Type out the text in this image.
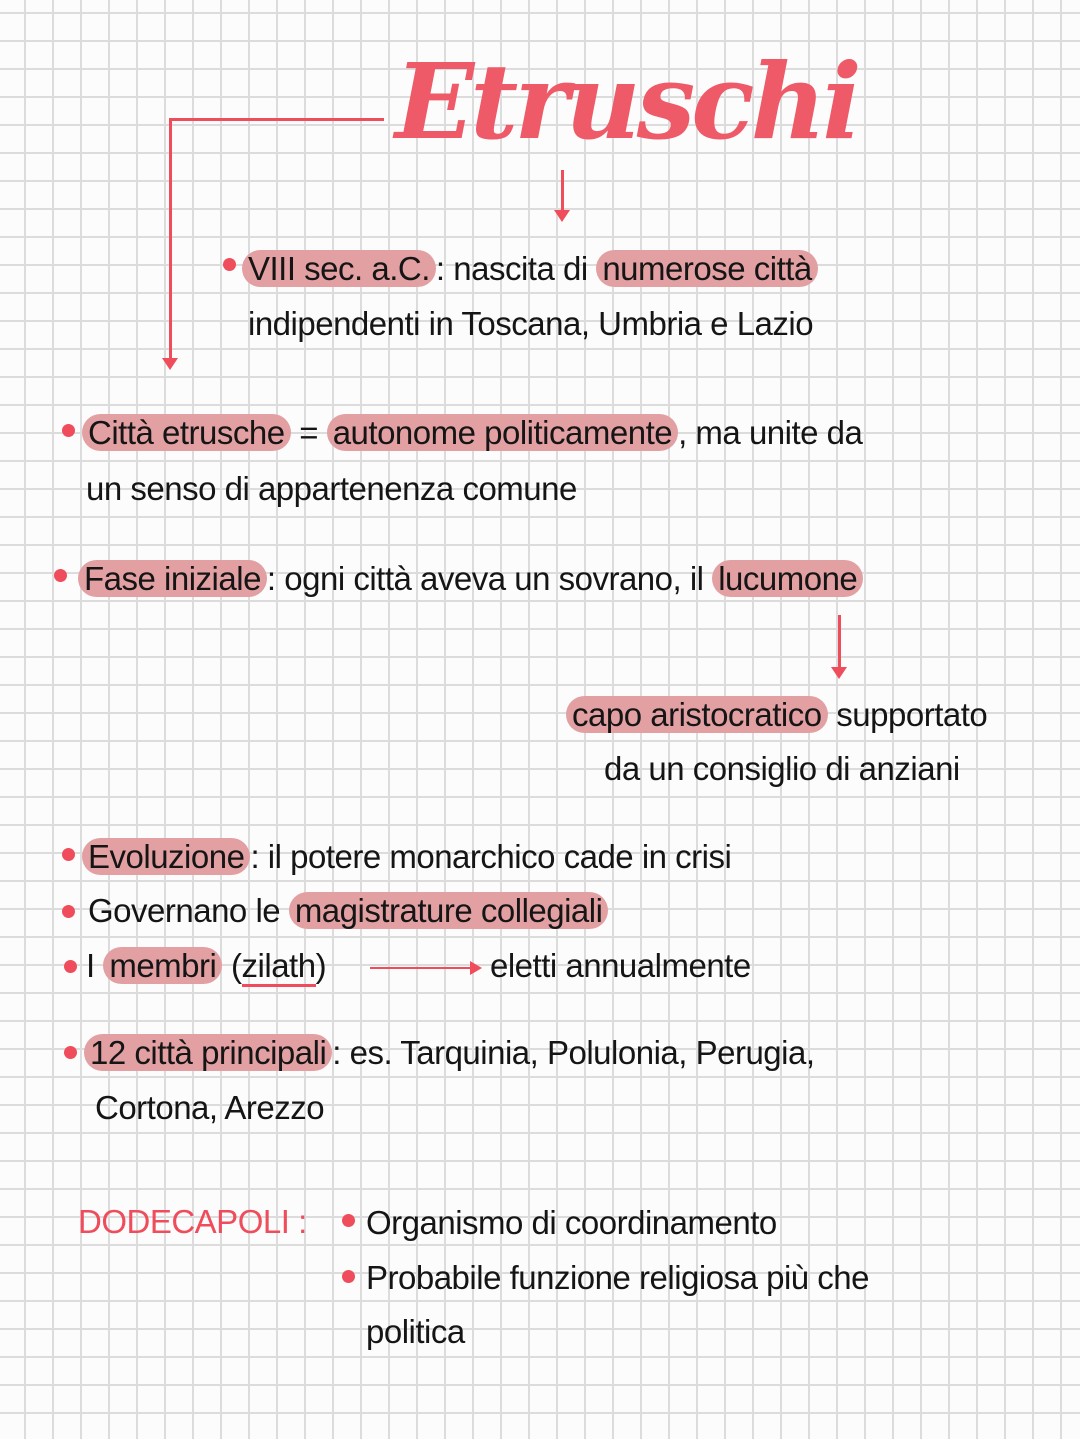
Etruschi
VIII sec. a.C. : nascita di numerose città
indipendenti in Toscana, Umbria e Lazio
Città etrusche = autonome politicamente , ma unite da
un senso di appartenenza comune
Fase iniziale : ogni città aveva un sovrano, il lucumone
capo aristocratico supportato
da un consiglio di anziani
Evoluzione : il potere monarchico cade in crisi
Governano le magistrature collegiali
I membri (zilath)	eletti annualmente
12 città principali : es. Tarquinia, Polulonia, Perugia,
Cortona, Arezzo
DODECAPOLI : Organismo di coordinamento
Probabile funzione religiosa più che
politica
